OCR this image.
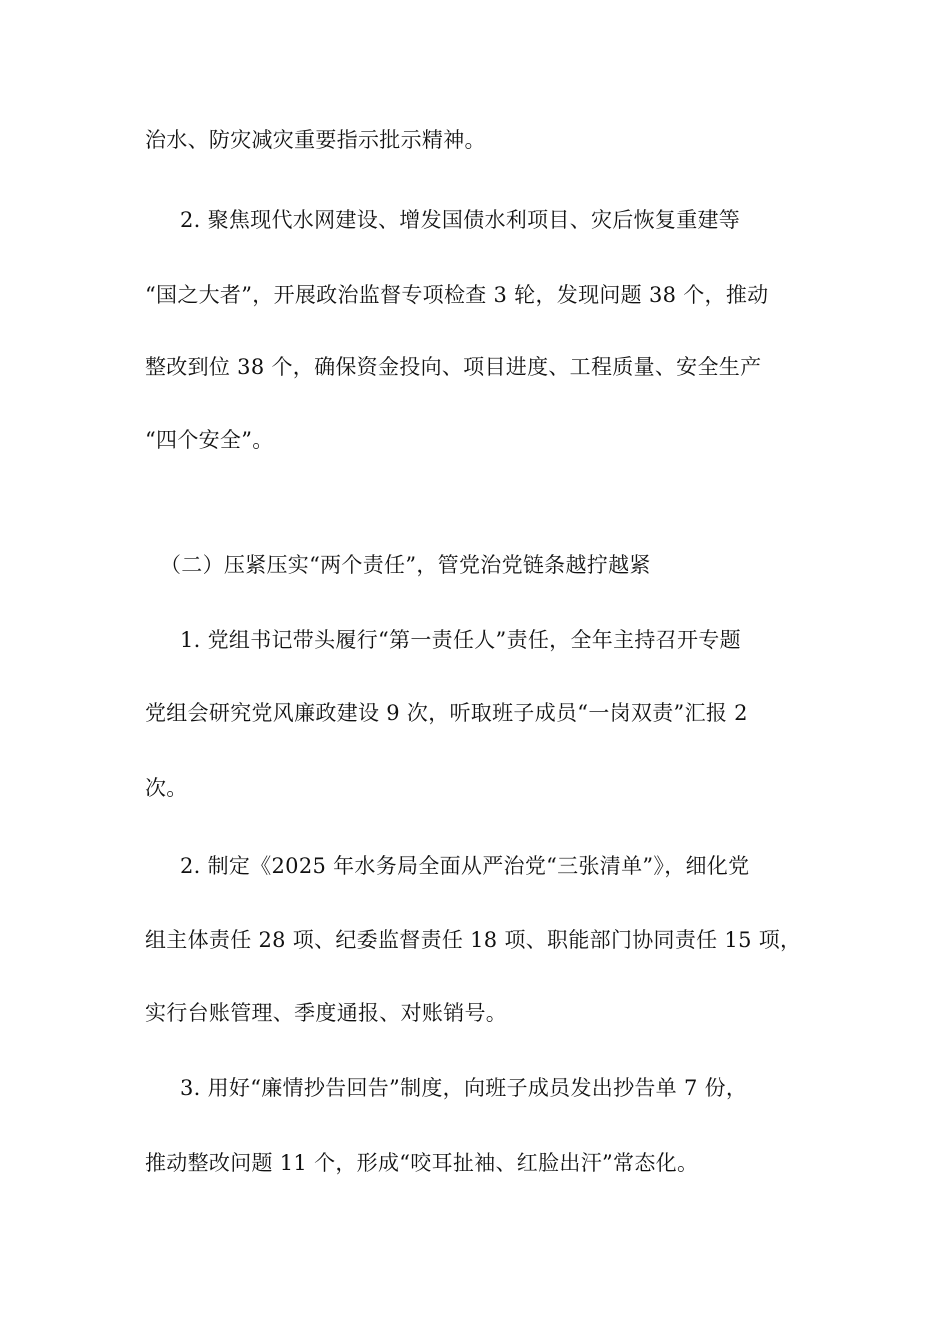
治水、防灾减灾重要指示批示精神。
2. 聚焦现代水网建设、增发国债水利项目、灾后恢复重建等
“国之大者”，开展政治监督专项检查 3 轮，发现问题 38 个，推动
整改到位 38 个，确保资金投向、项目进度、工程质量、安全生产
“四个安全”。
（二）压紧压实“两个责任”，管党治党链条越拧越紧
1. 党组书记带头履行“第一责任人”责任，全年主持召开专题
党组会研究党风廉政建设 9 次，听取班子成员“一岗双责”汇报 2
次。
2. 制定《2025 年水务局全面从严治党“三张清单”》，细化党
组主体责任 28 项、纪委监督责任 18 项、职能部门协同责任 15 项，
实行台账管理、季度通报、对账销号。
3. 用好“廉情抄告回告”制度，向班子成员发出抄告单 7 份，
推动整改问题 11 个，形成“咬耳扯袖、红脸出汗”常态化。
